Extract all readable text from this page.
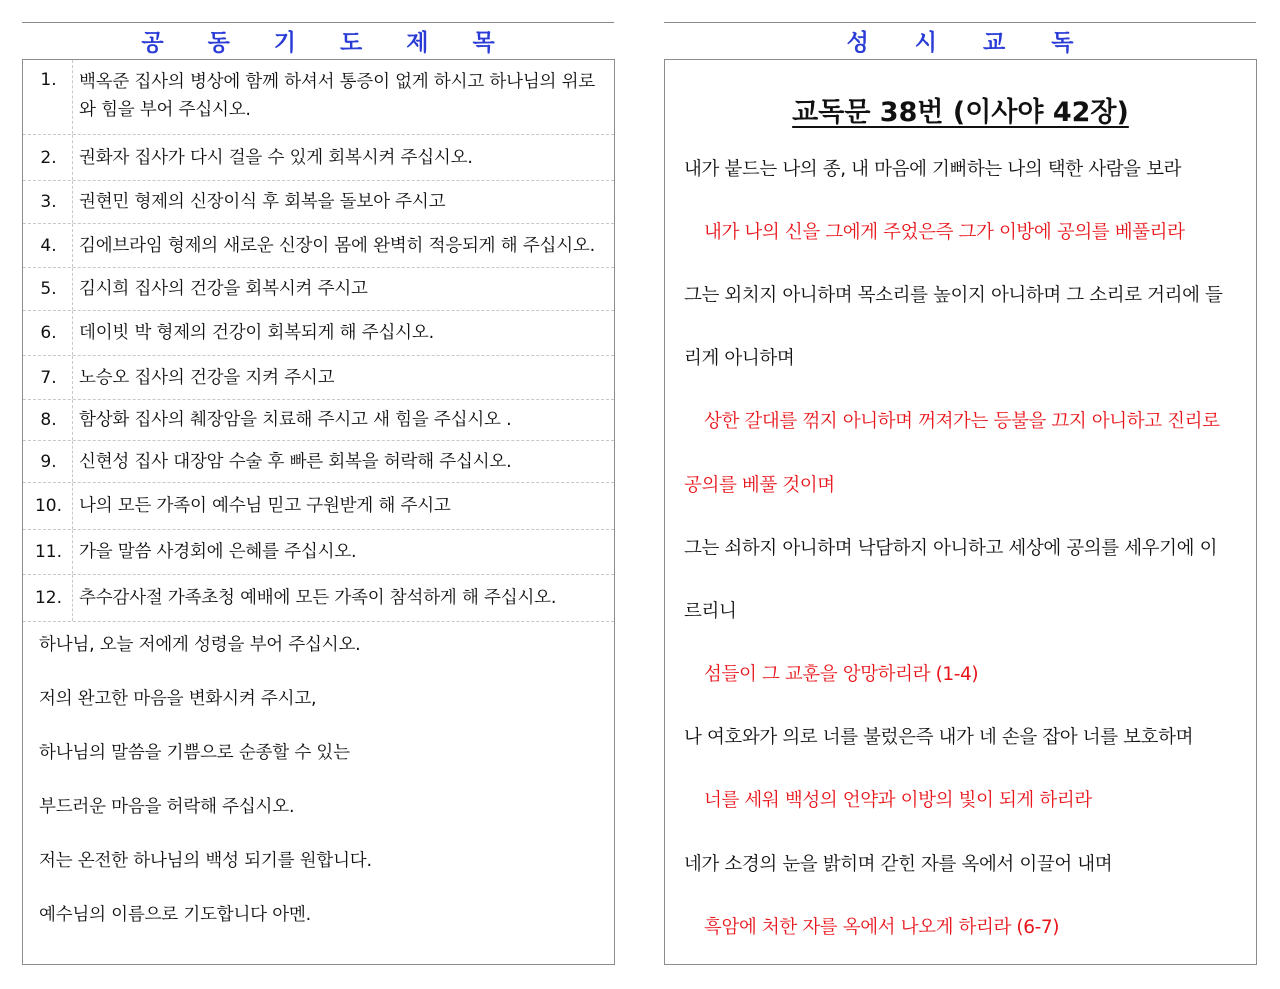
공 동 기 도 제 목	성 시 교 독
1.	백옥준 집사의 병상에 함께 하셔서 통증이 없게 하시고 하나님의 위로와 힘을 부어 주십시오.
2.	권화자 집사가 다시 걸을 수 있게 회복시켜 주십시오.
3.	권현민 형제의 신장이식 후 회복을 돌보아 주시고
4.	김에브라임 형제의 새로운 신장이 몸에 완벽히 적응되게 해 주십시오.
5.	김시희 집사의 건강을 회복시켜 주시고
6.	데이빗 박 형제의 건강이 회복되게 해 주십시오.
7.	노승오 집사의 건강을 지켜 주시고
8.	함상화 집사의 췌장암을 치료해 주시고 새 힘을 주십시오 .
9.	신현성 집사 대장암 수술 후 빠른 회복을 허락해 주십시오.
10. 나의 모든 가족이 예수님 믿고 구원받게 해 주시고
11. 가을 말씀 사경회에 은혜를 주십시오.
12. 추수감사절 가족초청 예배에 모든 가족이 참석하게 해 주십시오.
하나님, 오늘 저에게 성령을 부어 주십시오.
저의 완고한 마음을 변화시켜 주시고,
하나님의 말씀을 기쁨으로 순종할 수 있는
부드러운 마음을 허락해 주십시오.
저는 온전한 하나님의 백성 되기를 원합니다.
예수님의 이름으로 기도합니다 아멘.
교독문 38번 (이사야 42장)
내가 붙드는 나의 종, 내 마음에 기뻐하는 나의 택한 사람을 보라
내가 나의 신을 그에게 주었은즉 그가 이방에 공의를 베풀리라
그는 외치지 아니하며 목소리를 높이지 아니하며 그 소리로 거리에 들
리게 아니하며
상한 갈대를 꺾지 아니하며 꺼져가는 등불을 끄지 아니하고 진리로
공의를 베풀 것이며
그는 쇠하지 아니하며 낙담하지 아니하고 세상에 공의를 세우기에 이
르리니
섬들이 그 교훈을 앙망하리라 (1-4)
나 여호와가 의로 너를 불렀은즉 내가 네 손을 잡아 너를 보호하며
너를 세워 백성의 언약과 이방의 빛이 되게 하리라
네가 소경의 눈을 밝히며 갇힌 자를 옥에서 이끌어 내며
흑암에 처한 자를 옥에서 나오게 하리라 (6-7)
